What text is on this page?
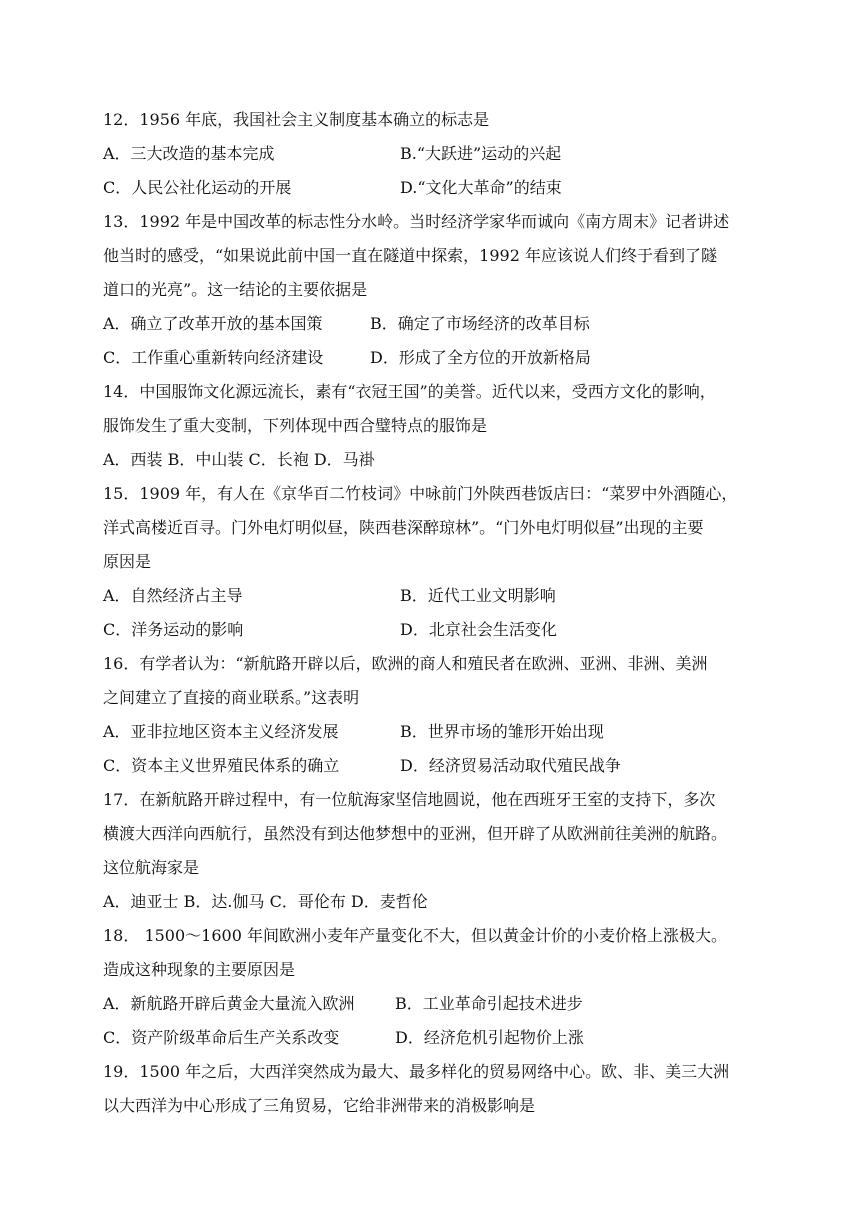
12．1956 年底，我国社会主义制度基本确立的标志是
A．三大改造的基本完成	B.“大跃进”运动的兴起
C．人民公社化运动的开展	D.“文化大革命”的结束
13．1992 年是中国改革的标志性分水岭。当时经济学家华而诚向《南方周末》记者讲述
他当时的感受，“如果说此前中国一直在隧道中探索，1992 年应该说人们终于看到了隧
道口的光亮”。这一结论的主要依据是
A．确立了改革开放的基本国策	B．确定了市场经济的改革目标
C．工作重心重新转向经济建设	D．形成了全方位的开放新格局
14．中国服饰文化源远流长，素有“衣冠王国”的美誉。近代以来，受西方文化的影响，
服饰发生了重大变制，下列体现中西合璧特点的服饰是
A．西装 B．中山装 C．长袍 D．马褂
15．1909 年，有人在《京华百二竹枝词》中咏前门外陕西巷饭店曰：“菜罗中外酒随心，
洋式高楼近百寻。门外电灯明似昼，陕西巷深醉琼林”。“门外电灯明似昼”出现的主要
原因是
A．自然经济占主导	B．近代工业文明影响
C．洋务运动的影响	D．北京社会生活变化
16．有学者认为：“新航路开辟以后，欧洲的商人和殖民者在欧洲、亚洲、非洲、美洲
之间建立了直接的商业联系。”这表明
A．亚非拉地区资本主义经济发展	B．世界市场的雏形开始出现
C．资本主义世界殖民体系的确立	D．经济贸易活动取代殖民战争
17．在新航路开辟过程中，有一位航海家坚信地圆说，他在西班牙王室的支持下，多次
横渡大西洋向西航行，虽然没有到达他梦想中的亚洲，但开辟了从欧洲前往美洲的航路。
这位航海家是
A．迪亚士 B．达.伽马 C．哥伦布 D．麦哲伦
18． 1500～1600 年间欧洲小麦年产量变化不大，但以黄金计价的小麦价格上涨极大。
造成这种现象的主要原因是
A．新航路开辟后黄金大量流入欧洲	B．工业革命引起技术进步
C．资产阶级革命后生产关系改变	D．经济危机引起物价上涨
19．1500 年之后，大西洋突然成为最大、最多样化的贸易网络中心。欧、非、美三大洲
以大西洋为中心形成了三角贸易，它给非洲带来的消极影响是
